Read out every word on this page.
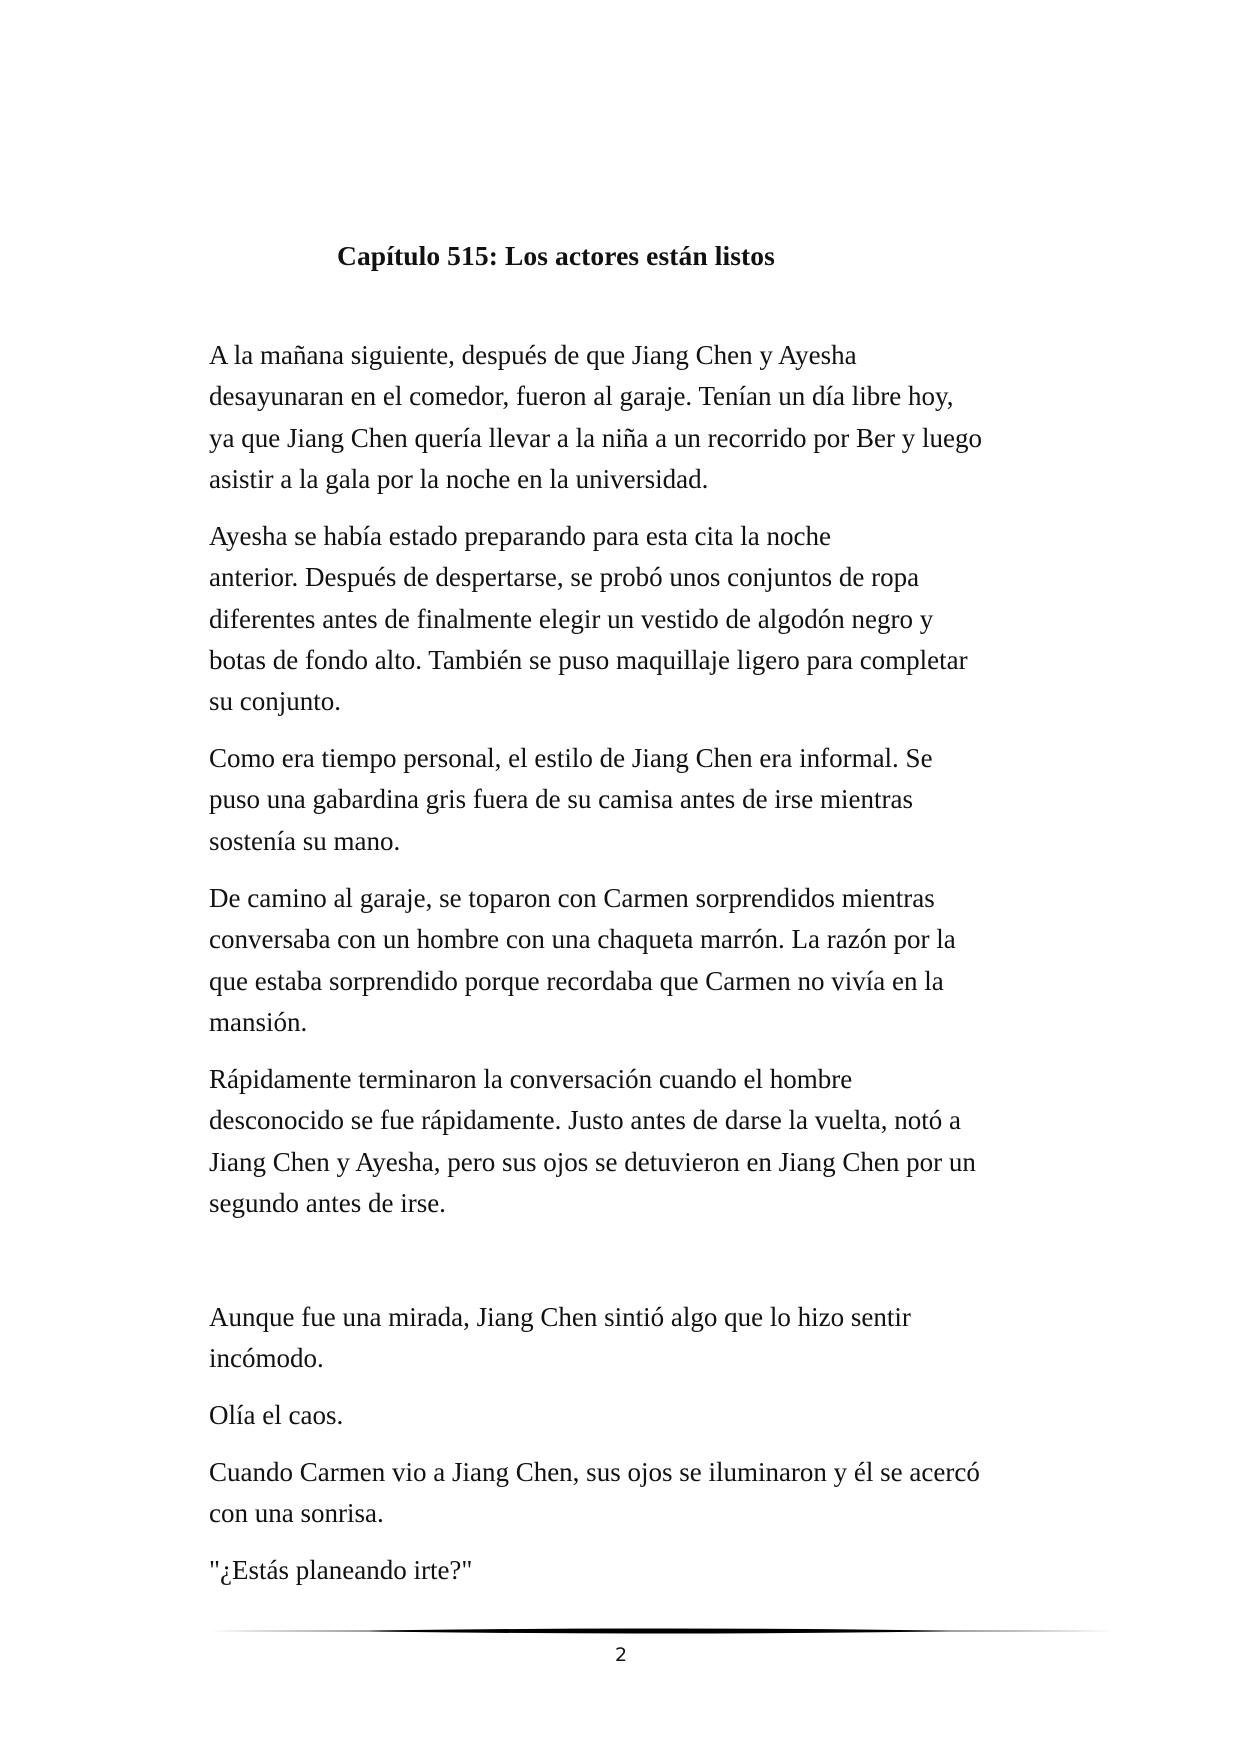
Capítulo 515: Los actores están listos

A la mañana siguiente, después de que Jiang Chen y Ayesha
desayunaran en el comedor, fueron al garaje. Tenían un día libre hoy,
ya que Jiang Chen quería llevar a la niña a un recorrido por Ber y luego
asistir a la gala por la noche en la universidad.

Ayesha se había estado preparando para esta cita la noche
anterior. Después de despertarse, se probó unos conjuntos de ropa
diferentes antes de finalmente elegir un vestido de algodón negro y
botas de fondo alto. También se puso maquillaje ligero para completar
su conjunto.

Como era tiempo personal, el estilo de Jiang Chen era informal. Se
puso una gabardina gris fuera de su camisa antes de irse mientras
sostenía su mano.

De camino al garaje, se toparon con Carmen sorprendidos mientras
conversaba con un hombre con una chaqueta marrón. La razón por la
que estaba sorprendido porque recordaba que Carmen no vivía en la
mansión.

Rápidamente terminaron la conversación cuando el hombre
desconocido se fue rápidamente. Justo antes de darse la vuelta, notó a
Jiang Chen y Ayesha, pero sus ojos se detuvieron en Jiang Chen por un
segundo antes de irse.

Aunque fue una mirada, Jiang Chen sintió algo que lo hizo sentir
incómodo.

Olía el caos.

Cuando Carmen vio a Jiang Chen, sus ojos se iluminaron y él se acercó
con una sonrisa.

"¿Estás planeando irte?"

2
